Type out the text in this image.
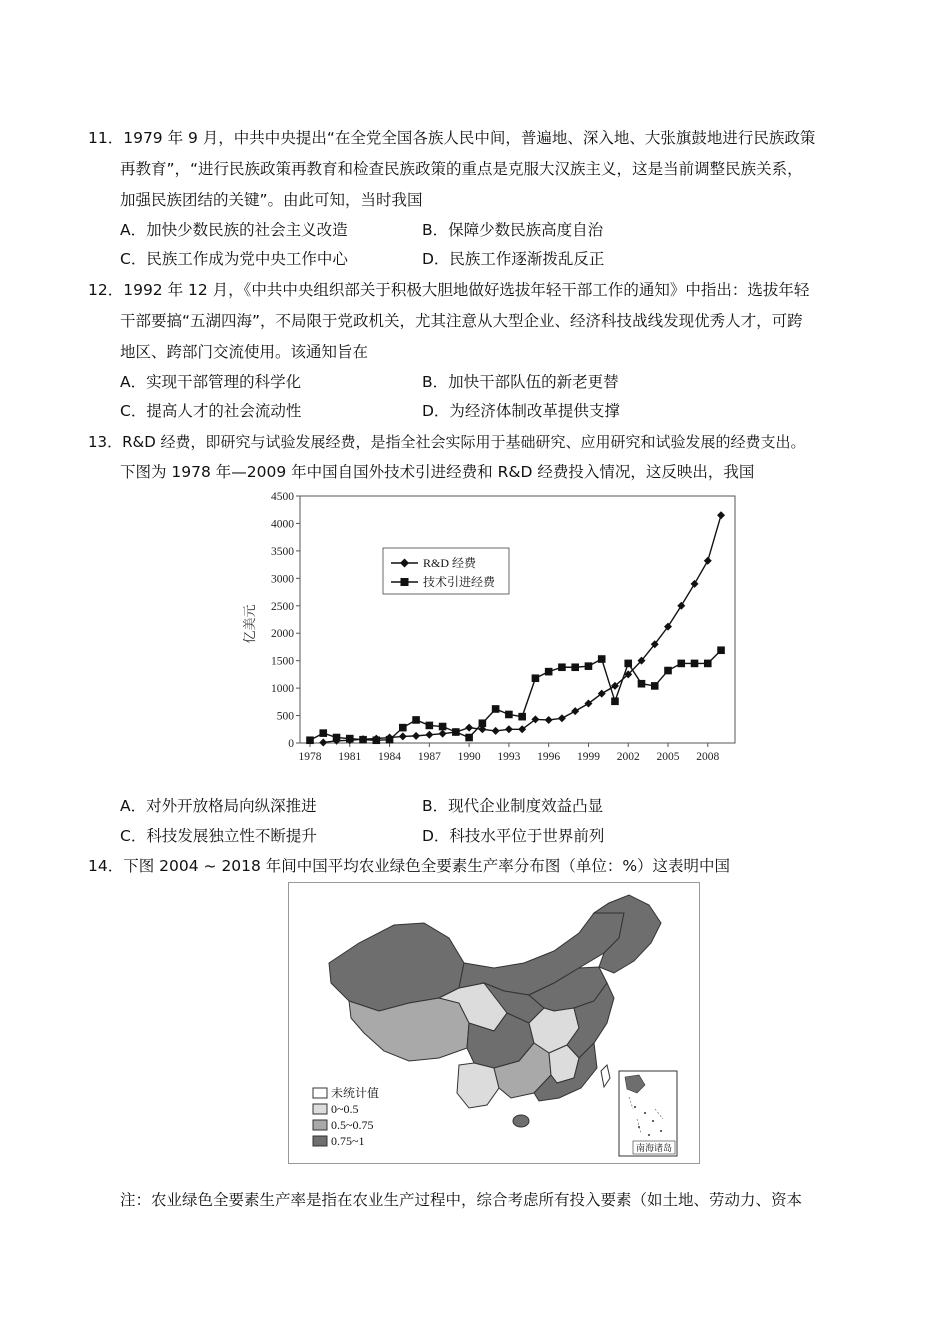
11．1979 年 9 月，中共中央提出“在全党全国各族人民中间，普遍地、深入地、大张旗鼓地进行民族政策
再教育”，“进行民族政策再教育和检查民族政策的重点是克服大汉族主义，这是当前调整民族关系，
加强民族团结的关键”。由此可知，当时我国
A．加快少数民族的社会主义改造	B．保障少数民族高度自治
C．民族工作成为党中央工作中心	D．民族工作逐渐拨乱反正
12．1992 年 12 月，《中共中央组织部关于积极大胆地做好选拔年轻干部工作的通知》中指出：选拔年轻
干部要搞“五湖四海”，不局限于党政机关，尤其注意从大型企业、经济科技战线发现优秀人才，可跨
地区、跨部门交流使用。该通知旨在
A．实现干部管理的科学化	B．加快干部队伍的新老更替
C．提高人才的社会流动性	D．为经济体制改革提供支撑
13．R&D 经费，即研究与试验发展经费，是指全社会实际用于基础研究、应用研究和试验发展的经费支出。
下图为 1978 年—2009 年中国自国外技术引进经费和 R&D 经费投入情况，这反映出，我国
0
500
1000
1500
2000
2500
3000
3500
4000
4500
1978 1981 1984 1987 1990 1993 1996 1999 2002 2005 2008
亿美元
R&D 经费
技术引进经费
A．对外开放格局向纵深推进	B．现代企业制度效益凸显
C．科技发展独立性不断提升	D．科技水平位于世界前列
14．下图 2004 ~ 2018 年间中国平均农业绿色全要素生产率分布图（单位：%）这表明中国
未统计值
0~0.5
0.5~0.75
0.75~1	南海诸岛
注：农业绿色全要素生产率是指在农业生产过程中，综合考虑所有投入要素（如土地、劳动力、资本
